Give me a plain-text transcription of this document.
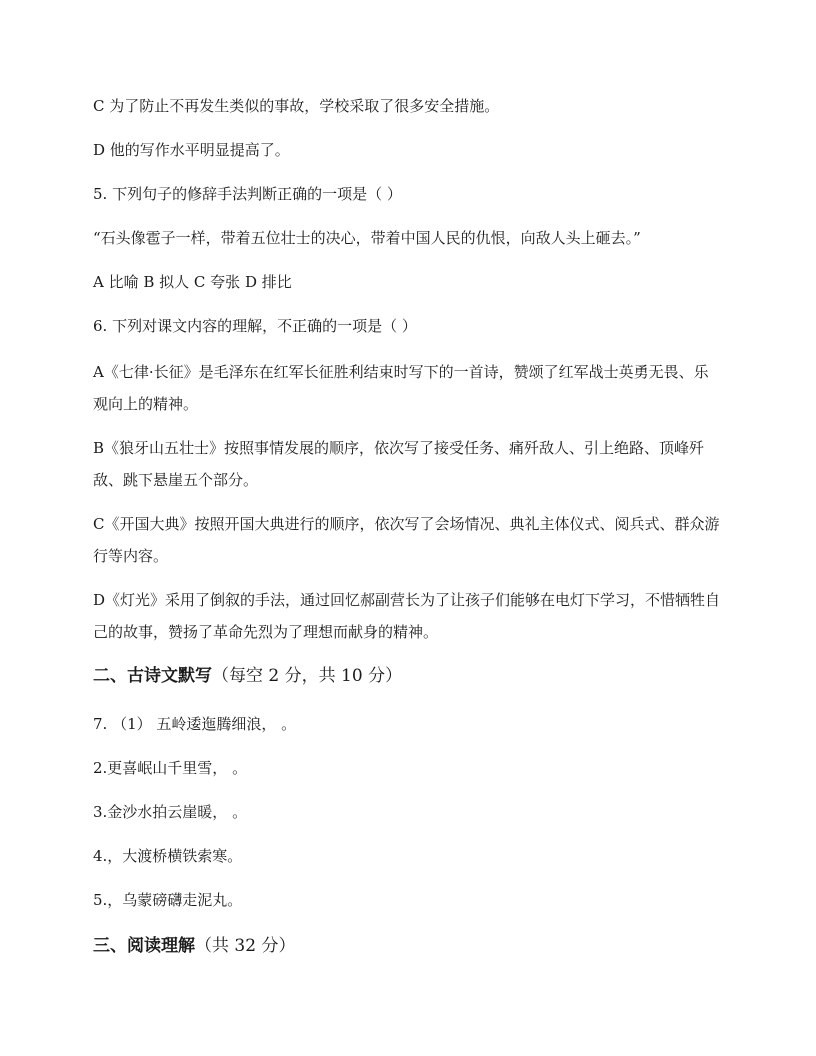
C 为了防止不再发生类似的事故，学校采取了很多安全措施。
D 他的写作水平明显提高了。
5. 下列句子的修辞手法判断正确的一项是（ ）
“石头像雹子一样，带着五位壮士的决心，带着中国人民的仇恨，向敌人头上砸去。”
A 比喻 B 拟人 C 夸张 D 排比
6. 下列对课文内容的理解，不正确的一项是（ ）
A《七律·长征》是毛泽东在红军长征胜利结束时写下的一首诗，赞颂了红军战士英勇无畏、乐观向上的精神。
B《狼牙山五壮士》按照事情发展的顺序，依次写了接受任务、痛歼敌人、引上绝路、顶峰歼敌、跳下悬崖五个部分。
C《开国大典》按照开国大典进行的顺序，依次写了会场情况、典礼主体仪式、阅兵式、群众游行等内容。
D《灯光》采用了倒叙的手法，通过回忆郝副营长为了让孩子们能够在电灯下学习，不惜牺牲自己的故事，赞扬了革命先烈为了理想而献身的精神。
二、古诗文默写（每空 2 分，共 10 分）
7. （1） 五岭逶迤腾细浪， 。
2.更喜岷山千里雪， 。
3.金沙水拍云崖暖， 。
4.，大渡桥横铁索寒。
5.，乌蒙磅礴走泥丸。
三、阅读理解（共 32 分）
